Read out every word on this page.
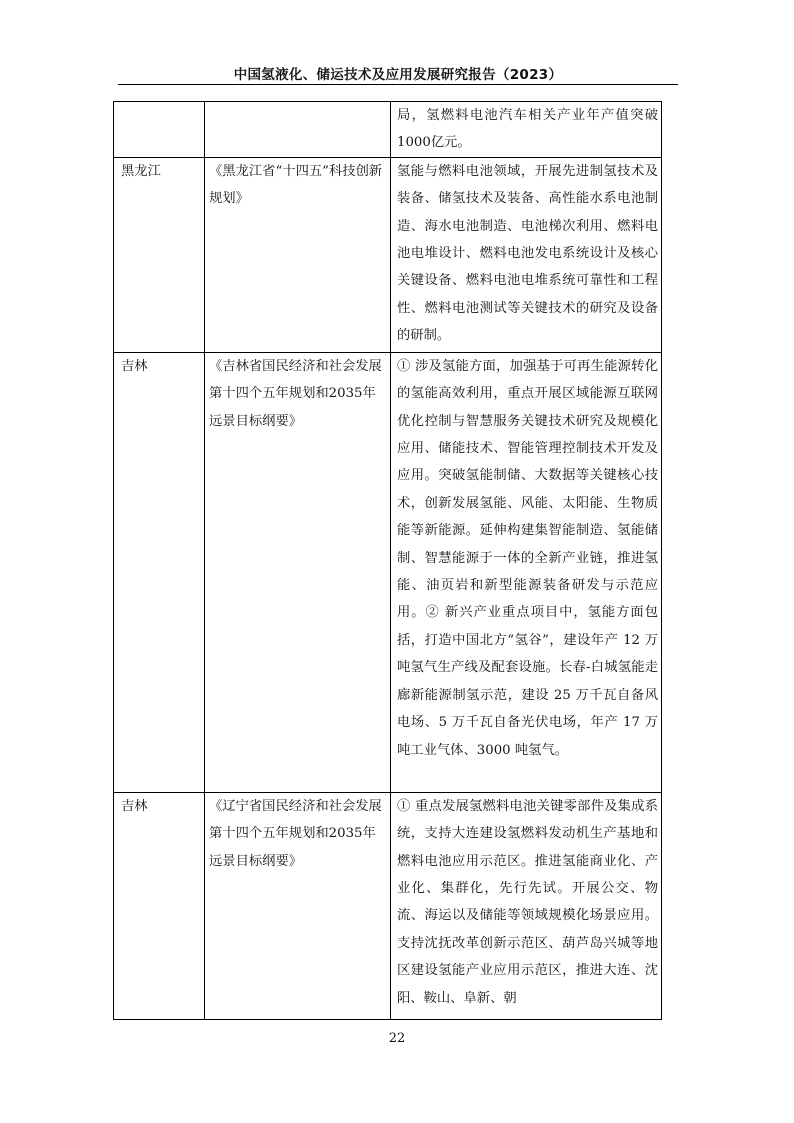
中国氢液化、储运技术及应用发展研究报告（2023）
		局，氢燃料电池汽车相关产业年产值突破1000亿元。
黑龙江	《黑龙江省“十四五”科技创新规划》	氢能与燃料电池领域，开展先进制氢技术及装备、储氢技术及装备、高性能水系电池制造、海水电池制造、电池梯次利用、燃料电池电堆设计、燃料电池发电系统设计及核心关键设备、燃料电池电堆系统可靠性和工程性、燃料电池测试等关键技术的研究及设备的研制。
吉林	《吉林省国民经济和社会发展第十四个五年规划和2035年远景目标纲要》	① 涉及氢能方面，加强基于可再生能源转化的氢能高效利用，重点开展区域能源互联网优化控制与智慧服务关键技术研究及规模化应用、储能技术、智能管理控制技术开发及应用。突破氢能制储、大数据等关键核心技术，创新发展氢能、风能、太阳能、生物质能等新能源。延伸构建集智能制造、氢能储制、智慧能源于一体的全新产业链，推进氢能、油页岩和新型能源装备研发与示范应用。② 新兴产业重点项目中，氢能方面包括，打造中国北方“氢谷”，建设年产 12 万吨氢气生产线及配套设施。长春-白城氢能走廊新能源制氢示范，建设 25 万千瓦自备风电场、5 万千瓦自备光伏电场，年产 17 万吨工业气体、3000 吨氢气。
吉林	《辽宁省国民经济和社会发展第十四个五年规划和2035年远景目标纲要》	① 重点发展氢燃料电池关键零部件及集成系统，支持大连建设氢燃料发动机生产基地和燃料电池应用示范区。推进氢能商业化、产业化、集群化，先行先试。开展公交、物流、海运以及储能等领域规模化场景应用。支持沈抚改革创新示范区、葫芦岛兴城等地区建设氢能产业应用示范区，推进大连、沈阳、鞍山、阜新、朝
22
